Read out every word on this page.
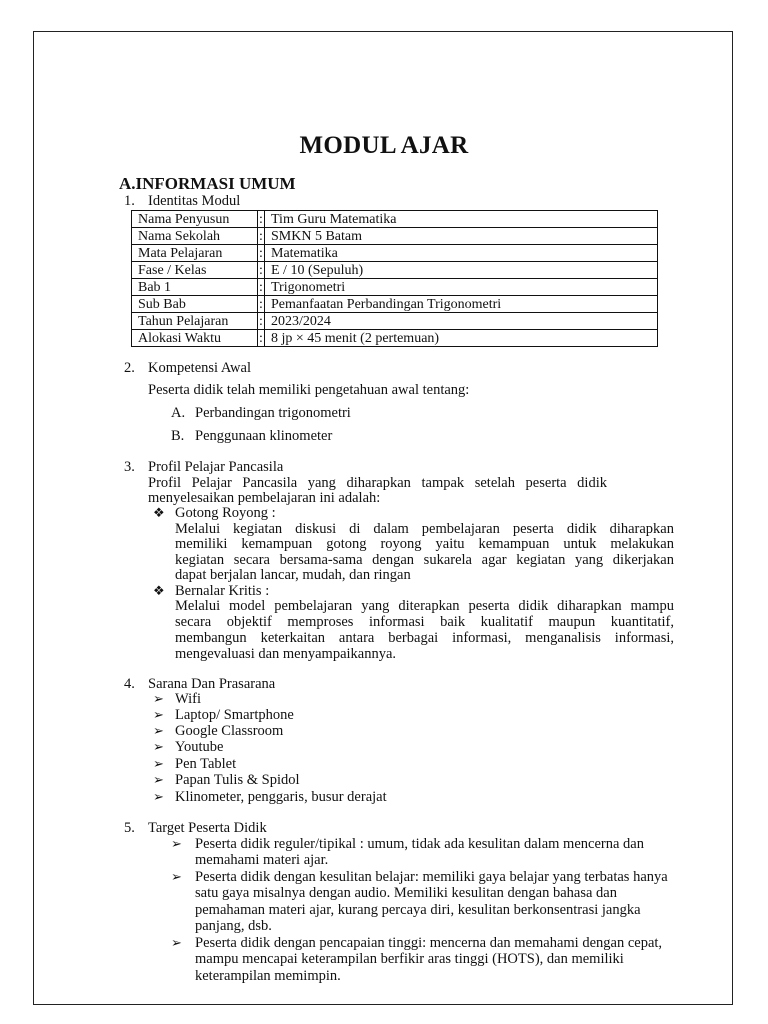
MODUL AJAR
A.INFORMASI UMUM
1. Identitas Modul
Nama Penyusun	:	Tim Guru Matematika
Nama Sekolah	:	SMKN 5 Batam
Mata Pelajaran	:	Matematika
Fase / Kelas	:	E / 10 (Sepuluh)
Bab 1	:	Trigonometri
Sub Bab	:	Pemanfaatan Perbandingan Trigonometri
Tahun Pelajaran	:	2023/2024
Alokasi Waktu	:	8 jp × 45 menit (2 pertemuan)
2. Kompetensi Awal
Peserta didik telah memiliki pengetahuan awal tentang:
A. Perbandingan trigonometri
B. Penggunaan klinometer
3. Profil Pelajar Pancasila
Profil Pelajar Pancasila yang diharapkan tampak setelah peserta didik
menyelesaikan pembelajaran ini adalah:
❖ Gotong Royong :
Melalui kegiatan diskusi di dalam pembelajaran peserta didik diharapkan
memiliki kemampuan gotong royong yaitu kemampuan untuk melakukan
kegiatan secara bersama-sama dengan sukarela agar kegiatan yang dikerjakan
dapat berjalan lancar, mudah, dan ringan
❖ Bernalar Kritis :
Melalui model pembelajaran yang diterapkan peserta didik diharapkan mampu
secara objektif memproses informasi baik kualitatif maupun kuantitatif,
membangun keterkaitan antara berbagai informasi, menganalisis informasi,
mengevaluasi dan menyampaikannya.
4. Sarana Dan Prasarana
➢ Wifi
➢ Laptop/ Smartphone
➢ Google Classroom
➢ Youtube
➢ Pen Tablet
➢ Papan Tulis & Spidol
➢ Klinometer, penggaris, busur derajat
5. Target Peserta Didik
➢ Peserta didik reguler/tipikal : umum, tidak ada kesulitan dalam mencerna dan
memahami materi ajar.
➢ Peserta didik dengan kesulitan belajar: memiliki gaya belajar yang terbatas hanya
satu gaya misalnya dengan audio. Memiliki kesulitan dengan bahasa dan
pemahaman materi ajar, kurang percaya diri, kesulitan berkonsentrasi jangka
panjang, dsb.
➢ Peserta didik dengan pencapaian tinggi: mencerna dan memahami dengan cepat,
mampu mencapai keterampilan berfikir aras tinggi (HOTS), dan memiliki
keterampilan memimpin.
